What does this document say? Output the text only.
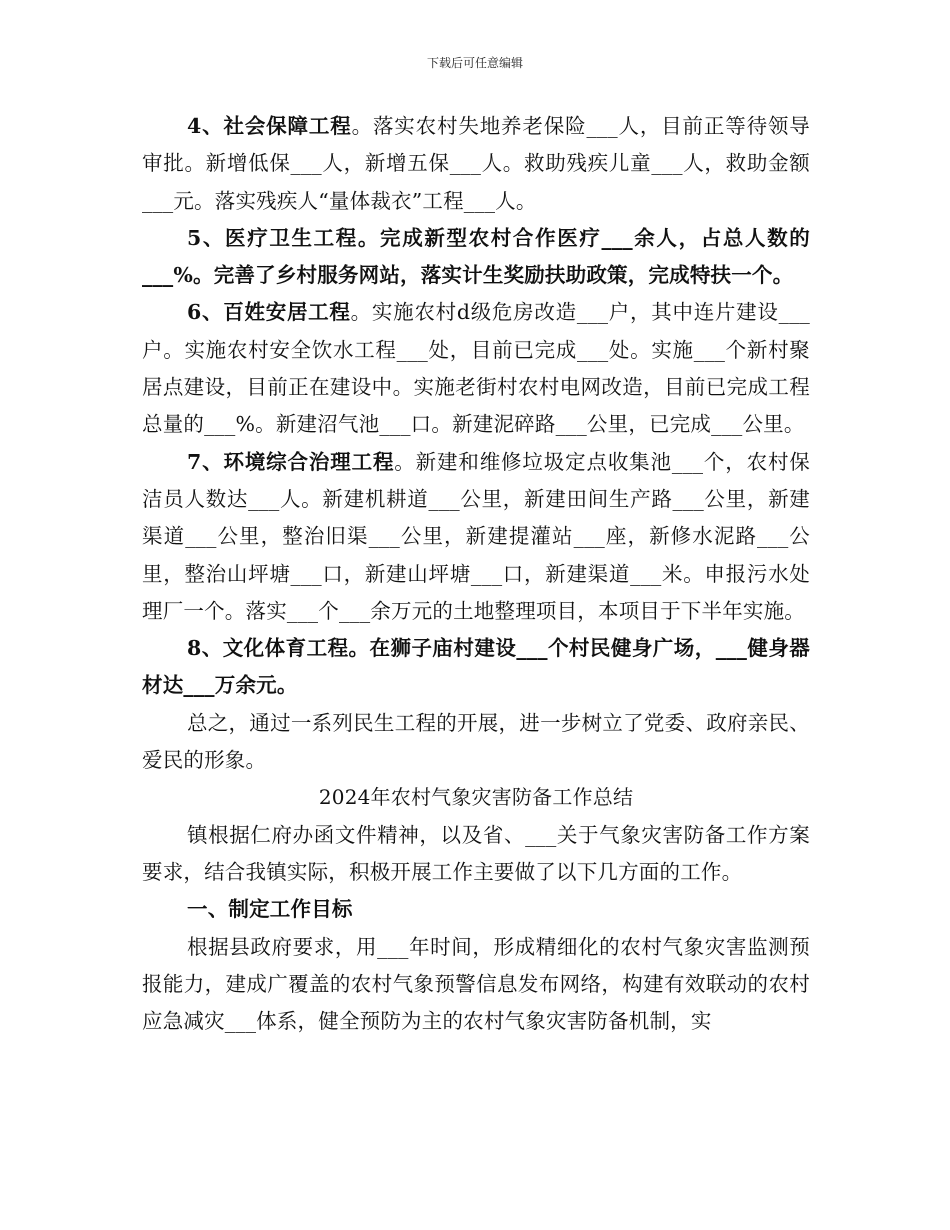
下载后可任意编辑

4、社会保障工程。落实农村失地养老保险___人，目前正等待领导审批。新增低保___人，新增五保___人。救助残疾儿童___人，救助金额___元。落实残疾人“量体裁衣”工程___人。

5、医疗卫生工程。完成新型农村合作医疗___余人，占总人数的___%。完善了乡村服务网站，落实计生奖励扶助政策，完成特扶一个。

6、百姓安居工程。实施农村d级危房改造___户，其中连片建设___户。实施农村安全饮水工程___处，目前已完成___处。实施___个新村聚居点建设，目前正在建设中。实施老街村农村电网改造，目前已完成工程总量的___%。新建沼气池___口。新建泥碎路___公里，已完成___公里。

7、环境综合治理工程。新建和维修垃圾定点收集池___个，农村保洁员人数达___人。新建机耕道___公里，新建田间生产路___公里，新建渠道___公里，整治旧渠___公里，新建提灌站___座，新修水泥路___公里，整治山坪塘___口，新建山坪塘___口，新建渠道___米。申报污水处理厂一个。落实___个___余万元的土地整理项目，本项目于下半年实施。

8、文化体育工程。在狮子庙村建设___个村民健身广场，___健身器材达___万余元。

总之，通过一系列民生工程的开展，进一步树立了党委、政府亲民、爱民的形象。

2024年农村气象灾害防备工作总结

镇根据仁府办函文件精神，以及省、___关于气象灾害防备工作方案要求，结合我镇实际，积极开展工作主要做了以下几方面的工作。

一、制定工作目标

根据县政府要求，用___年时间，形成精细化的农村气象灾害监测预报能力，建成广覆盖的农村气象预警信息发布网络，构建有效联动的农村应急减灾___体系，健全预防为主的农村气象灾害防备机制，实
